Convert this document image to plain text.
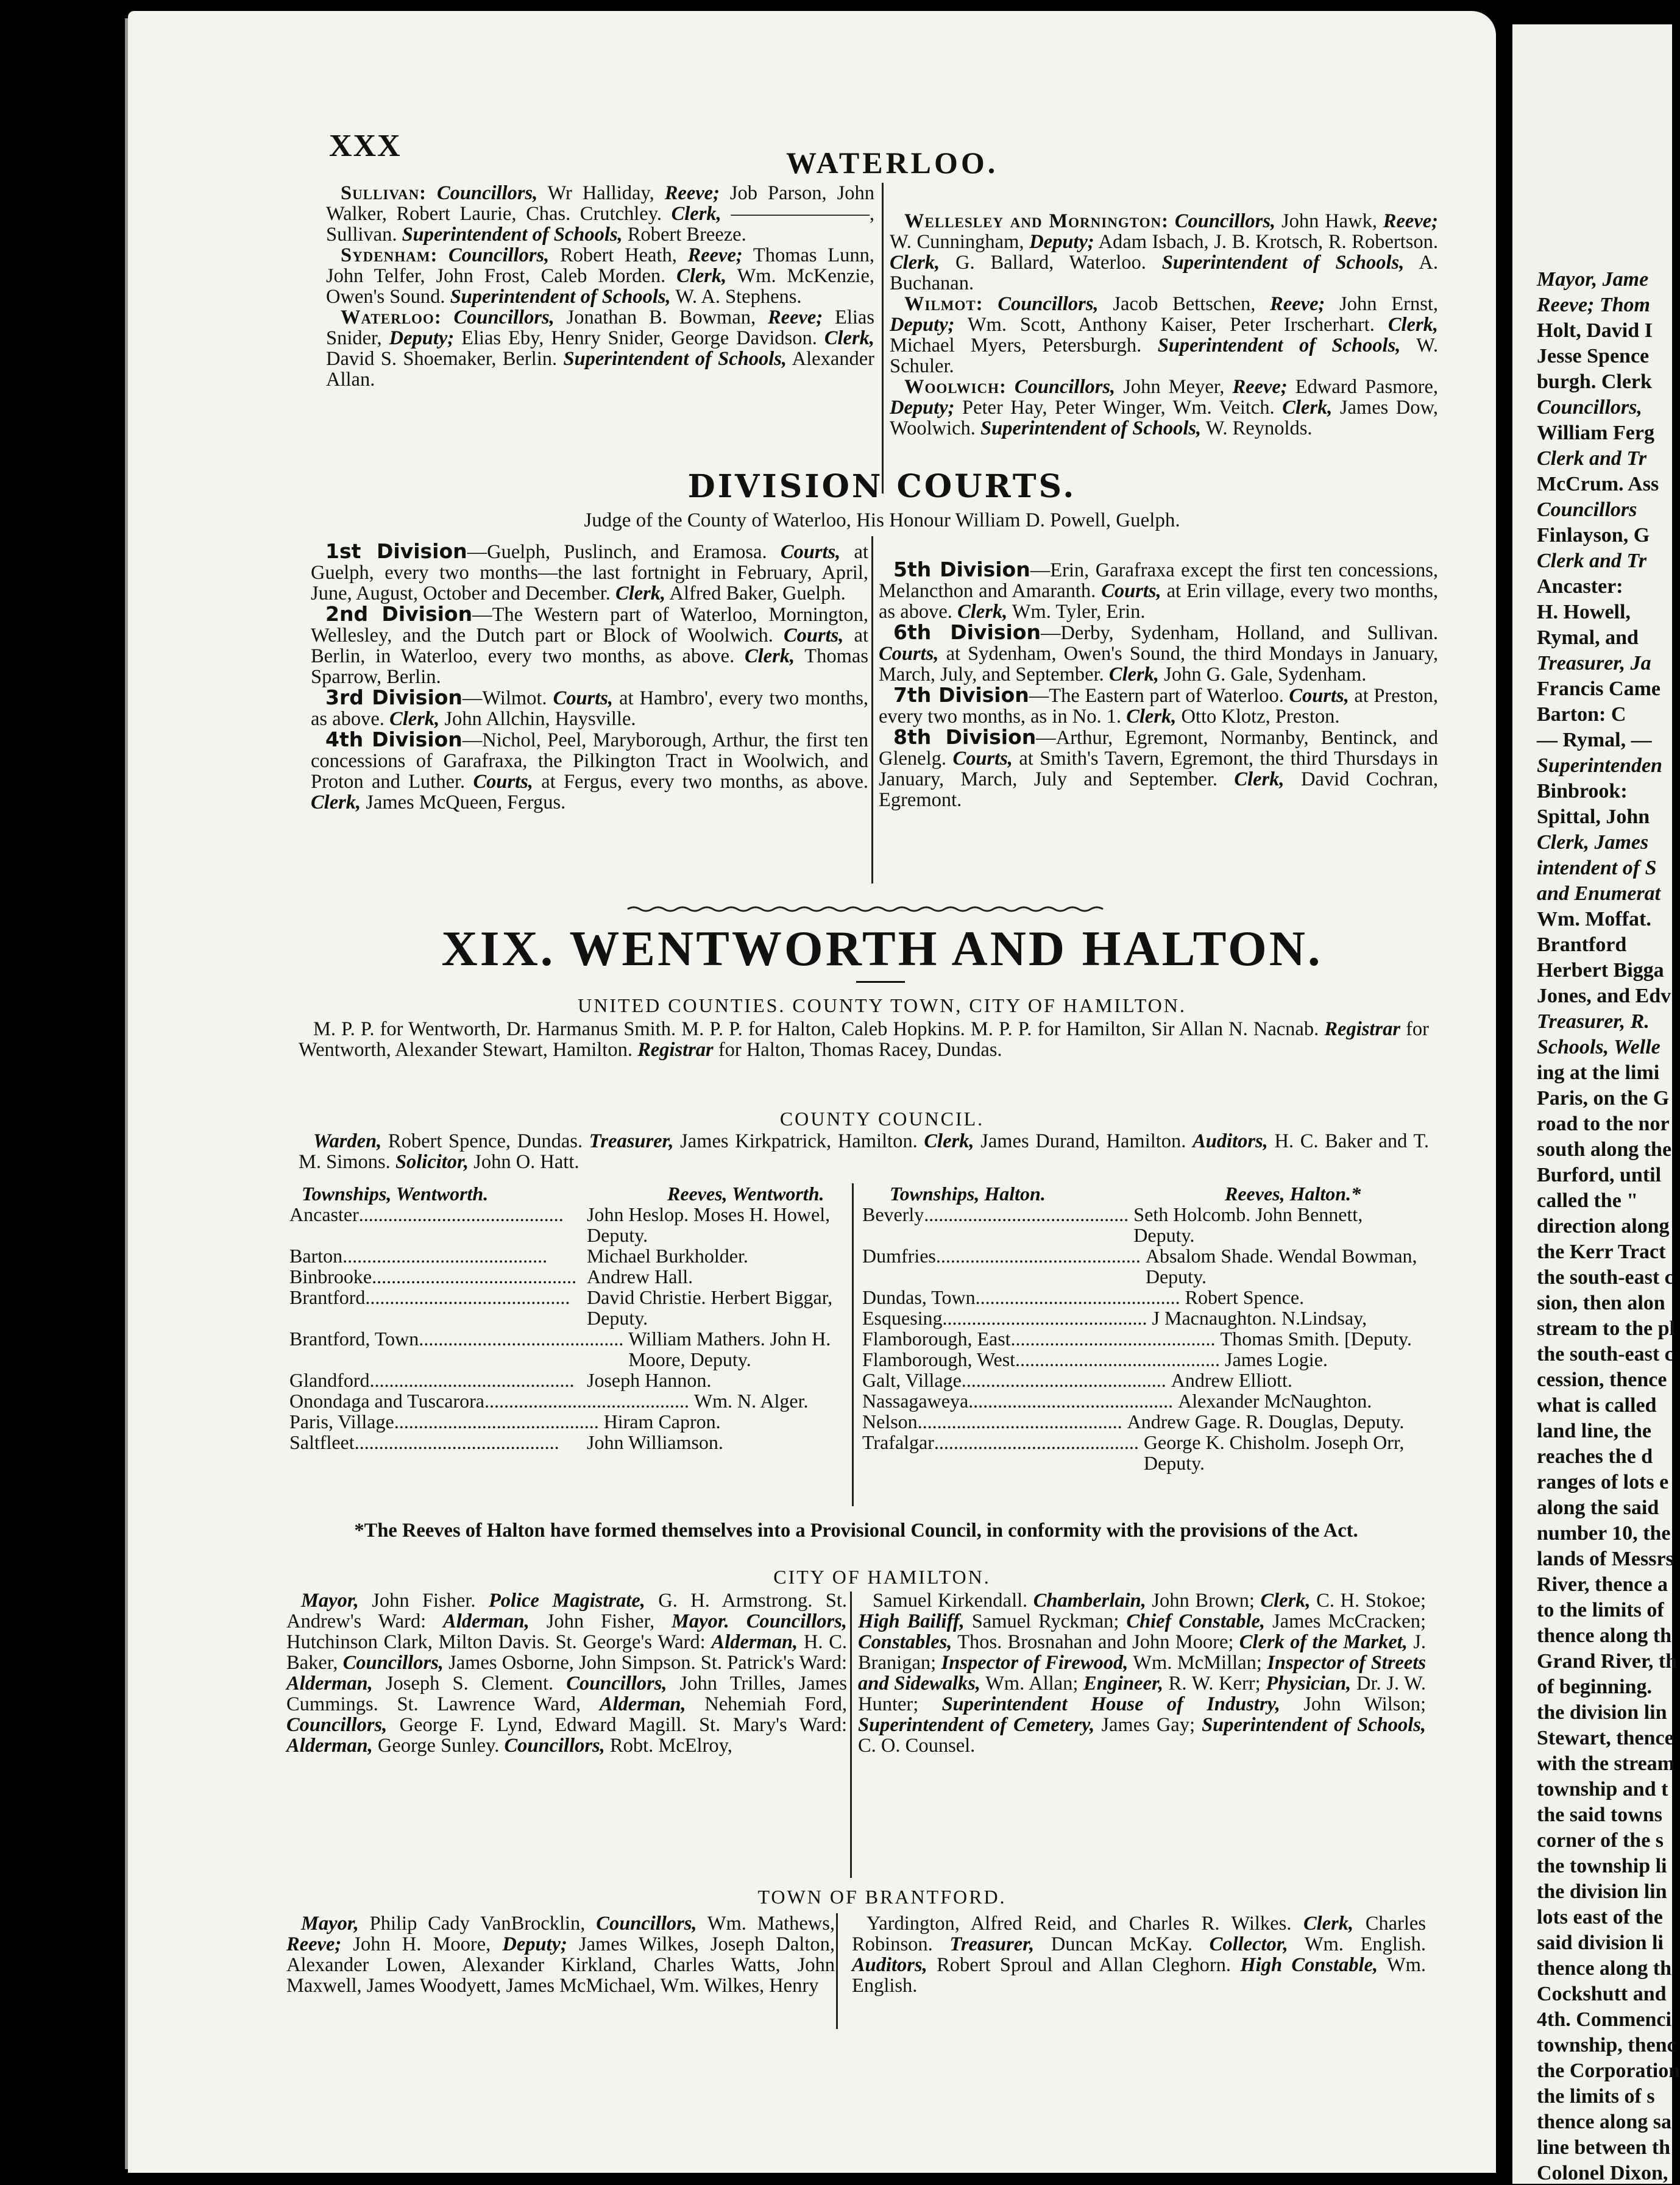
Mayor, Jame
Reeve; Thom
Holt, David I
Jesse Spence
burgh. Clerk
Councillors,
William Ferg
Clerk and Tr
McCrum. Ass
Councillors
Finlayson, G
Clerk and Tr
Ancaster:
H. Howell,
Rymal, and
Treasurer, Ja
Francis Came
Barton: C
— Rymal, —
Superintenden
Binbrook:
Spittal, John
Clerk, James
intendent of S
and Enumerat
Wm. Moffat.
Brantford
Herbert Bigga
Jones, and Edv
Treasurer, R.
Schools, Welle
ing at the limi
Paris, on the G
road to the nor
south along the
Burford, until
called the "
direction along
the Kerr Tract
the south-east c
sion, then alon
stream to the pl
the south-east c
cession, thence
what is called
land line, the
reaches the d
ranges of lots e
along the said
number 10, the
lands of Messrs
River, thence a
to the limits of
thence along th
Grand River, th
of beginning.
the division lin
Stewart, thence
with the stream
township and t
the said towns
corner of the s
the township li
the division lin
lots east of the
said division li
thence along th
Cockshutt and
4th. Commenci
township, thenc
the Corporation
the limits of s
thence along sa
line between th
Colonel Dixon,
XXX	WATERLOO.

Sullivan: Councillors, Wr Halliday, Reeve; Job Parson, John Walker, Robert Laurie, Chas. Crutchley. Clerk, ———————, Sullivan. Superintendent of Schools, Robert Breeze.

Sydenham: Councillors, Robert Heath, Reeve; Thomas Lunn, John Telfer, John Frost, Caleb Morden. Clerk, Wm. McKenzie, Owen's Sound. Superintendent of Schools, W. A. Stephens.

Waterloo: Councillors, Jonathan B. Bowman, Reeve; Elias Snider, Deputy; Elias Eby, Henry Snider, George Davidson. Clerk, David S. Shoemaker, Berlin. Superintendent of Schools, Alexander Allan.

Wellesley and Mornington: Councillors, John Hawk, Reeve; W. Cunningham, Deputy; Adam Isbach, J. B. Krotsch, R. Robertson. Clerk, G. Ballard, Waterloo. Superintendent of Schools, A. Buchanan.

Wilmot: Councillors, Jacob Bettschen, Reeve; John Ernst, Deputy; Wm. Scott, Anthony Kaiser, Peter Irscherhart. Clerk, Michael Myers, Petersburgh. Superintendent of Schools, W. Schuler.

Woolwich: Councillors, John Meyer, Reeve; Edward Pasmore, Deputy; Peter Hay, Peter Winger, Wm. Veitch. Clerk, James Dow, Woolwich. Superintendent of Schools, W. Reynolds.

DIVISION COURTS.
Judge of the County of Waterloo, His Honour William D. Powell, Guelph.

1st Division—Guelph, Puslinch, and Eramosa. Courts, at Guelph, every two months—the last fortnight in February, April, June, August, October and December. Clerk, Alfred Baker, Guelph.

2nd Division—The Western part of Waterloo, Mornington, Wellesley, and the Dutch part or Block of Woolwich. Courts, at Berlin, in Waterloo, every two months, as above. Clerk, Thomas Sparrow, Berlin.

3rd Division—Wilmot. Courts, at Hambro', every two months, as above. Clerk, John Allchin, Haysville.

4th Division—Nichol, Peel, Maryborough, Arthur, the first ten concessions of Garafraxa, the Pilkington Tract in Woolwich, and Proton and Luther. Courts, at Fergus, every two months, as above. Clerk, James McQueen, Fergus.

5th Division—Erin, Garafraxa except the first ten concessions, Melancthon and Amaranth. Courts, at Erin village, every two months, as above. Clerk, Wm. Tyler, Erin.

6th Division—Derby, Sydenham, Holland, and Sullivan. Courts, at Sydenham, Owen's Sound, the third Mondays in January, March, July, and September. Clerk, John G. Gale, Sydenham.

7th Division—The Eastern part of Waterloo. Courts, at Preston, every two months, as in No. 1. Clerk, Otto Klotz, Preston.

8th Division—Arthur, Egremont, Normanby, Bentinck, and Glenelg. Courts, at Smith's Tavern, Egremont, the third Thursdays in January, March, July and September. Clerk, David Cochran, Egremont.

XIX. WENTWORTH AND HALTON.
UNITED COUNTIES. COUNTY TOWN, CITY OF HAMILTON.

M. P. P. for Wentworth, Dr. Harmanus Smith. M. P. P. for Halton, Caleb Hopkins. M. P. P. for Hamilton, Sir Allan N. Nacnab. Registrar for Wentworth, Alexander Stewart, Hamilton. Registrar for Halton, Thomas Racey, Dundas.

COUNTY COUNCIL.

Warden, Robert Spence, Dundas. Treasurer, James Kirkpatrick, Hamilton. Clerk, James Durand, Hamilton. Auditors, H. C. Baker and T. M. Simons. Solicitor, John O. Hatt.

Townships, Wentworth.	Reeves, Wentworth.
Ancaster .......................................... John Heslop. Moses H. Howel, Deputy.
Barton .......................................... Michael Burkholder.
Binbrooke .......................................... Andrew Hall.
Brantford .......................................... David Christie. Herbert Biggar, Deputy.
Brantford, Town .......................................... William Mathers. John H. Moore, Deputy.
Glandford .......................................... Joseph Hannon.
Onondaga and Tuscarora .......................................... Wm. N. Alger.
Paris, Village .......................................... Hiram Capron.
Saltfleet .......................................... John Williamson.
Townships, Halton.	Reeves, Halton.*
Beverly .......................................... Seth Holcomb. John Bennett, Deputy.
Dumfries .......................................... Absalom Shade. Wendal Bowman, Deputy.
Dundas, Town .......................................... Robert Spence.
Esquesing .......................................... J Macnaughton. N.Lindsay,
Flamborough, East .......................................... Thomas Smith. [Deputy.
Flamborough, West .......................................... James Logie.
Galt, Village .......................................... Andrew Elliott.
Nassagaweya .......................................... Alexander McNaughton.
Nelson .......................................... Andrew Gage. R. Douglas, Deputy.
Trafalgar .......................................... George K. Chisholm. Joseph Orr, Deputy.
*The Reeves of Halton have formed themselves into a Provisional Council, in conformity with the provisions of the Act.
CITY OF HAMILTON.

Mayor, John Fisher. Police Magistrate, G. H. Armstrong. St. Andrew's Ward: Alderman, John Fisher, Mayor. Councillors, Hutchinson Clark, Milton Davis. St. George's Ward: Alderman, H. C. Baker, Councillors, James Osborne, John Simpson. St. Patrick's Ward: Alderman, Joseph S. Clement. Councillors, John Trilles, James Cummings. St. Lawrence Ward, Alderman, Nehemiah Ford, Councillors, George F. Lynd, Edward Magill. St. Mary's Ward: Alderman, George Sunley. Councillors, Robt. McElroy,

Samuel Kirkendall. Chamberlain, John Brown; Clerk, C. H. Stokoe; High Bailiff, Samuel Ryckman; Chief Constable, James McCracken; Constables, Thos. Brosnahan and John Moore; Clerk of the Market, J. Branigan; Inspector of Firewood, Wm. McMillan; Inspector of Streets and Sidewalks, Wm. Allan; Engineer, R. W. Kerr; Physician, Dr. J. W. Hunter; Superintendent House of Industry, John Wilson; Superintendent of Cemetery, James Gay; Superintendent of Schools, C. O. Counsel.

TOWN OF BRANTFORD.

Mayor, Philip Cady VanBrocklin, Councillors, Wm. Mathews, Reeve; John H. Moore, Deputy; James Wilkes, Joseph Dalton, Alexander Lowen, Alexander Kirkland, Charles Watts, John Maxwell, James Woodyett, James McMichael, Wm. Wilkes, Henry

Yardington, Alfred Reid, and Charles R. Wilkes. Clerk, Charles Robinson. Treasurer, Duncan McKay. Collector, Wm. English. Auditors, Robert Sproul and Allan Cleghorn. High Constable, Wm. English.
